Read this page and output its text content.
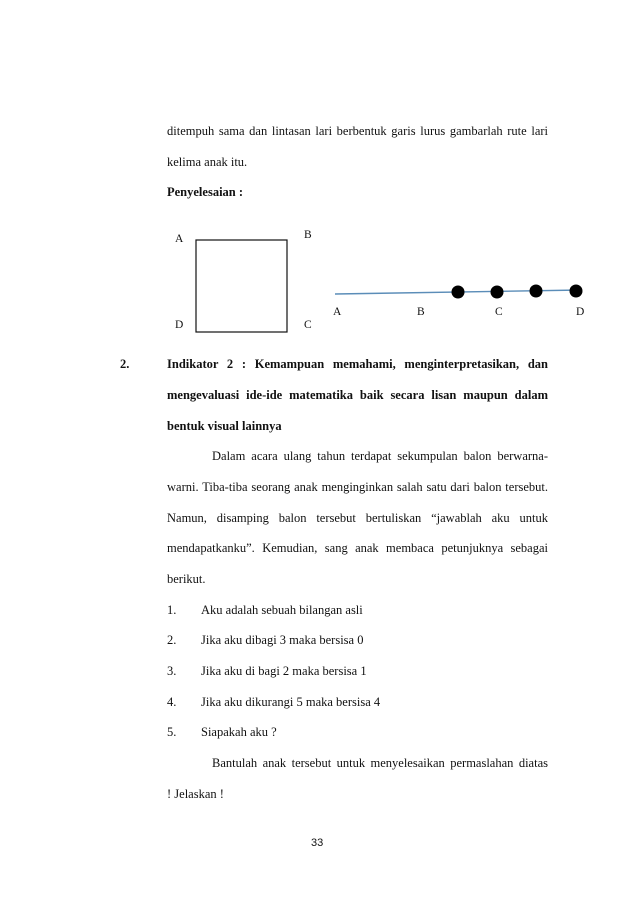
ditempuh sama dan lintasan lari berbentuk garis lurus gambarlah rute lari
kelima anak itu.
Penyelesaian :
A	B
C
D
A	B	C	D
2.	Indikator 2 : Kemampuan memahami, menginterpretasikan, dan
mengevaluasi ide-ide matematika baik secara lisan maupun dalam
bentuk visual lainnya
Dalam acara ulang tahun terdapat sekumpulan balon berwarna-
warni. Tiba-tiba seorang anak menginginkan salah satu dari balon tersebut.
Namun, disamping balon tersebut bertuliskan “jawablah aku untuk
mendapatkanku”. Kemudian, sang anak membaca petunjuknya sebagai
berikut.
1. Aku adalah sebuah bilangan asli
2. Jika aku dibagi 3 maka bersisa 0
3. Jika aku di bagi 2 maka bersisa 1
4. Jika aku dikurangi 5 maka bersisa 4
5. Siapakah aku ?
Bantulah anak tersebut untuk menyelesaikan permaslahan diatas
! Jelaskan !
33
